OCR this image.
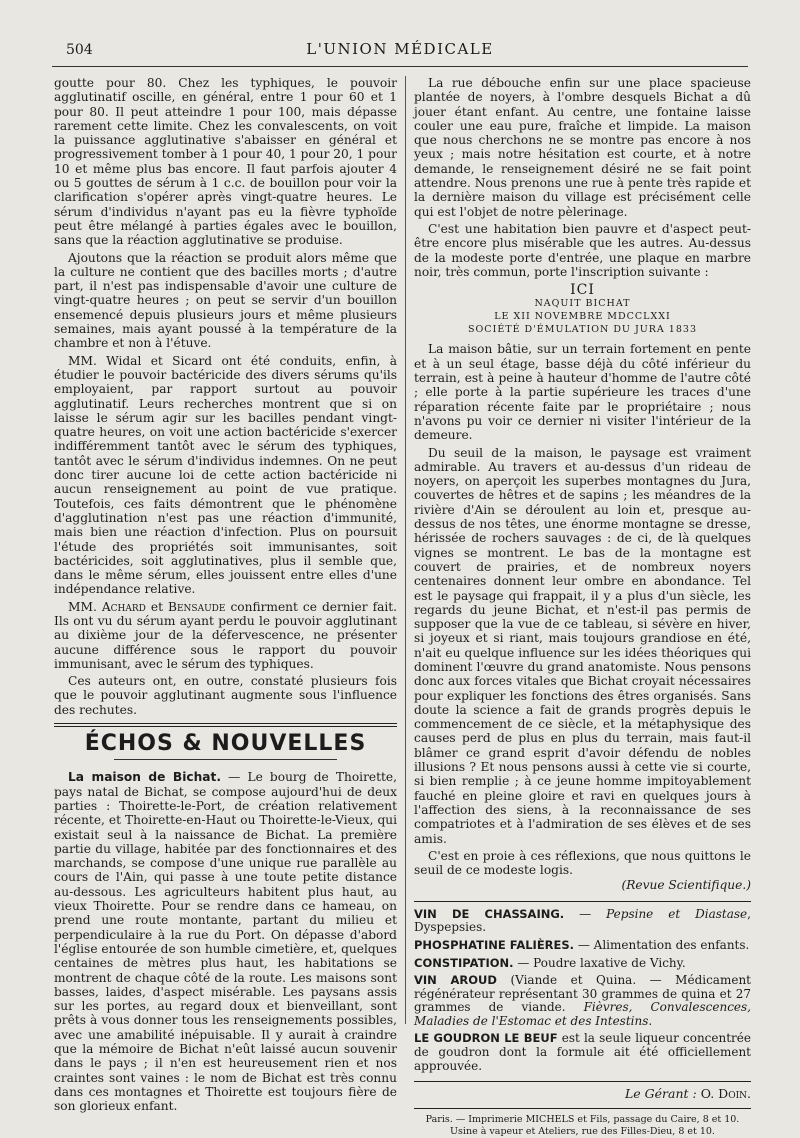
504	L'UNION MÉDICALE

goutte pour 80. Chez les typhiques, le pouvoir agglutinatif oscille, en général, entre 1 pour 60 et 1 pour 80. Il peut atteindre 1 pour 100, mais dépasse rarement cette limite. Chez les convalescents, on voit la puissance agglutinative s'abaisser en général et progressivement tomber à 1 pour 40, 1 pour 20, 1 pour 10 et même plus bas encore. Il faut parfois ajouter 4 ou 5 gouttes de sérum à 1 c.c. de bouillon pour voir la clarification s'opérer après vingt-quatre heures. Le sérum d'individus n'ayant pas eu la fièvre typhoïde peut être mélangé à parties égales avec le bouillon, sans que la réaction agglutinative se produise.

Ajoutons que la réaction se produit alors même que la culture ne contient que des bacilles morts ; d'autre part, il n'est pas indispensable d'avoir une culture de vingt-quatre heures ; on peut se servir d'un bouillon ensemencé depuis plusieurs jours et même plusieurs semaines, mais ayant poussé à la température de la chambre et non à l'étuve.

MM. Widal et Sicard ont été conduits, enfin, à étudier le pouvoir bactéricide des divers sérums qu'ils employaient, par rapport surtout au pouvoir agglutinatif. Leurs recherches montrent que si on laisse le sérum agir sur les bacilles pendant vingt-quatre heures, on voit une action bactéricide s'exercer indifféremment tantôt avec le sérum des typhiques, tantôt avec le sérum d'individus indemnes. On ne peut donc tirer aucune loi de cette action bactéricide ni aucun renseignement au point de vue pratique. Toutefois, ces faits démontrent que le phénomène d'agglutination n'est pas une réaction d'immunité, mais bien une réaction d'infection. Plus on poursuit l'étude des propriétés soit immunisantes, soit bactéricides, soit agglutinatives, plus il semble que, dans le même sérum, elles jouissent entre elles d'une indépendance relative.

MM. Achard et Bensaude confirment ce dernier fait. Ils ont vu du sérum ayant perdu le pouvoir agglutinant au dixième jour de la défervescence, ne présenter aucune différence sous le rapport du pouvoir immunisant, avec le sérum des typhiques.

Ces auteurs ont, en outre, constaté plusieurs fois que le pouvoir agglutinant augmente sous l'influence des rechutes.

ÉCHOS & NOUVELLES

La maison de Bichat. — Le bourg de Thoirette, pays natal de Bichat, se compose aujourd'hui de deux parties : Thoirette-le-Port, de création relativement récente, et Thoirette-en-Haut ou Thoirette-le-Vieux, qui existait seul à la naissance de Bichat. La première partie du village, habitée par des fonctionnaires et des marchands, se compose d'une unique rue parallèle au cours de l'Ain, qui passe à une toute petite distance au-dessous. Les agriculteurs habitent plus haut, au vieux Thoirette. Pour se rendre dans ce hameau, on prend une route montante, partant du milieu et perpendiculaire à la rue du Port. On dépasse d'abord l'église entourée de son humble cimetière, et, quelques centaines de mètres plus haut, les habitations se montrent de chaque côté de la route. Les maisons sont basses, laides, d'aspect misérable. Les paysans assis sur les portes, au regard doux et bienveillant, sont prêts à vous donner tous les renseignements possibles, avec une amabilité inépuisable. Il y aurait à craindre que la mémoire de Bichat n'eût laissé aucun souvenir dans le pays ; il n'en est heureusement rien et nos craintes sont vaines : le nom de Bichat est très connu dans ces montagnes et Thoirette est toujours fière de son glorieux enfant.

La rue débouche enfin sur une place spacieuse plantée de noyers, à l'ombre desquels Bichat a dû jouer étant enfant. Au centre, une fontaine laisse couler une eau pure, fraîche et limpide. La maison que nous cherchons ne se montre pas encore à nos yeux ; mais notre hésitation est courte, et à notre demande, le renseignement désiré ne se fait point attendre. Nous prenons une rue à pente très rapide et la dernière maison du village est précisément celle qui est l'objet de notre pèlerinage.

C'est une habitation bien pauvre et d'aspect peut-être encore plus misérable que les autres. Au-dessus de la modeste porte d'entrée, une plaque en marbre noir, très commun, porte l'inscription suivante :

ICI
NAQUIT BICHAT
LE XII NOVEMBRE MDCCLXXI
SOCIÉTÉ D'ÉMULATION DU JURA 1833

La maison bâtie, sur un terrain fortement en pente et à un seul étage, basse déjà du côté inférieur du terrain, est à peine à hauteur d'homme de l'autre côté ; elle porte à la partie supérieure les traces d'une réparation récente faite par le propriétaire ; nous n'avons pu voir ce dernier ni visiter l'intérieur de la demeure.

Du seuil de la maison, le paysage est vraiment admirable. Au travers et au-dessus d'un rideau de noyers, on aperçoit les superbes montagnes du Jura, couvertes de hêtres et de sapins ; les méandres de la rivière d'Ain se déroulent au loin et, presque au-dessus de nos têtes, une énorme montagne se dresse, hérissée de rochers sauvages : de ci, de là quelques vignes se montrent. Le bas de la montagne est couvert de prairies, et de nombreux noyers centenaires donnent leur ombre en abondance. Tel est le paysage qui frappait, il y a plus d'un siècle, les regards du jeune Bichat, et n'est-il pas permis de supposer que la vue de ce tableau, si sévère en hiver, si joyeux et si riant, mais toujours grandiose en été, n'ait eu quelque influence sur les idées théoriques qui dominent l'œuvre du grand anatomiste. Nous pensons donc aux forces vitales que Bichat croyait nécessaires pour expliquer les fonctions des êtres organisés. Sans doute la science a fait de grands progrès depuis le commencement de ce siècle, et la métaphysique des causes perd de plus en plus du terrain, mais faut-il blâmer ce grand esprit d'avoir défendu de nobles illusions ? Et nous pensons aussi à cette vie si courte, si bien remplie ; à ce jeune homme impitoyablement fauché en pleine gloire et ravi en quelques jours à l'affection des siens, à la reconnaissance de ses compatriotes et à l'admiration de ses élèves et de ses amis.

C'est en proie à ces réflexions, que nous quittons le seuil de ce modeste logis.

(Revue Scientifique.)
VIN DE CHASSAING. — Pepsine et Diastase, Dyspepsies.
PHOSPHATINE FALIÈRES. — Alimentation des enfants.
CONSTIPATION. — Poudre laxative de Vichy.
VIN AROUD (Viande et Quina. — Médicament régénérateur représentant 30 grammes de quina et 27 grammes de viande. Fièvres, Convalescences, Maladies de l'Estomac et des Intestins.
LE GOUDRON LE BEUF est la seule liqueur concentrée de goudron dont la formule ait été officiellement approuvée.
Le Gérant : O. Doin.
Paris. — Imprimerie MICHELS et Fils, passage du Caire, 8 et 10.
Usine à vapeur et Ateliers, rue des Filles-Dieu, 8 et 10.
